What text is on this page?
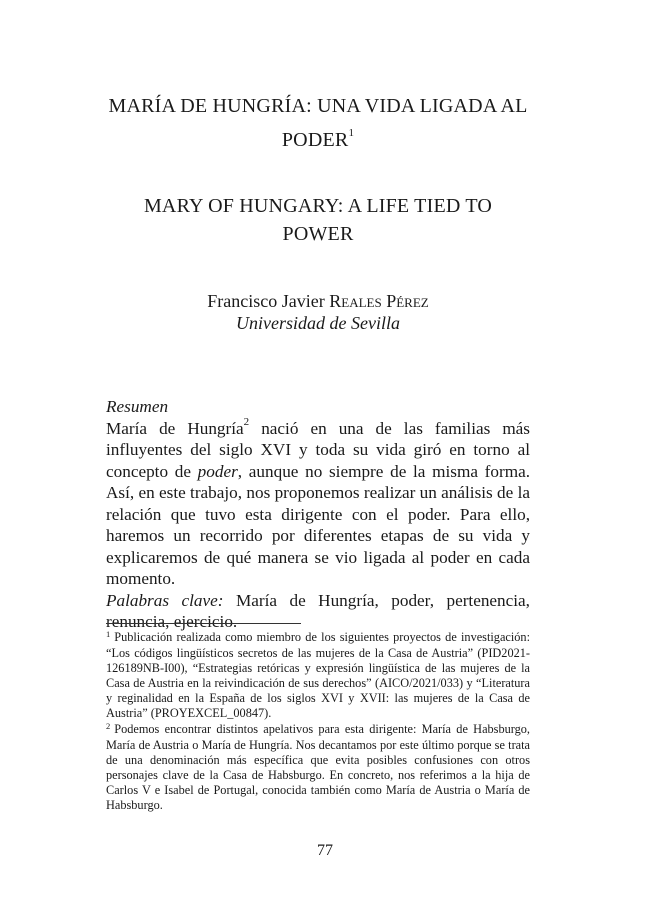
MARÍA DE HUNGRÍA: UNA VIDA LIGADA AL
PODER$^1$
MARY OF HUNGARY: A LIFE TIED TO POWER
Francisco Javier Reales Pérez
Universidad de Sevilla
Resumen

María de Hungría$^2$ nació en una de las familias más influyentes del siglo XVI y toda su vida giró en torno al concepto de poder, aunque no siempre de la misma forma. Así, en este trabajo, nos proponemos realizar un análisis de la relación que tuvo esta dirigente con el poder. Para ello, haremos un recorrido por diferentes etapas de su vida y explicaremos de qué manera se vio ligada al poder en cada momento.

Palabras clave: María de Hungría, poder, pertenencia, renuncia, ejercicio.

$^1$ Publicación realizada como miembro de los siguientes proyectos de investigación: “Los códigos lingüísticos secretos de las mujeres de la Casa de Austria” (PID2021-126189NB-I00), “Estrategias retóricas y expresión lingüística de las mujeres de la Casa de Austria en la reivindicación de sus derechos” (AICO/2021/033) y “Literatura y reginalidad en la España de los siglos XVI y XVII: las mujeres de la Casa de Austria” (PROYEXCEL_00847).

$^2$ Podemos encontrar distintos apelativos para esta dirigente: María de Habsburgo, María de Austria o María de Hungría. Nos decantamos por este último porque se trata de una denominación más específica que evita posibles confusiones con otros personajes clave de la Casa de Habsburgo. En concreto, nos referimos a la hija de Carlos V e Isabel de Portugal, conocida también como María de Austria o María de Habsburgo.

77
